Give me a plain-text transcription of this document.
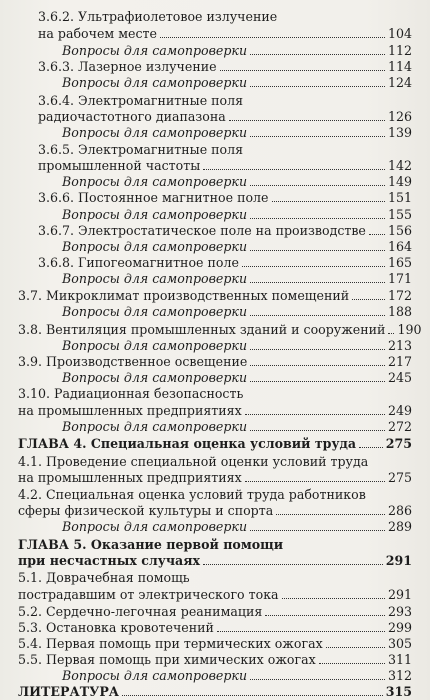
3.6.2. Ультрафиолетовое излучение
на рабочем месте	104
Вопросы для самопроверки	112
3.6.3. Лазерное излучение	114
Вопросы для самопроверки	124
3.6.4. Электромагнитные поля
радиочастотного диапазона	126
Вопросы для самопроверки	139
3.6.5. Электромагнитные поля
промышленной частоты	142
Вопросы для самопроверки	149
3.6.6. Постоянное магнитное поле	151
Вопросы для самопроверки	155
3.6.7. Электростатическое поле на производстве 156
Вопросы для самопроверки	164
3.6.8. Гипогеомагнитное поле	165
Вопросы для самопроверки	171
3.7. Микроклимат производственных помещений	172
Вопросы для самопроверки	188
3.8. Вентиляция промышленных зданий и сооружений 190
Вопросы для самопроверки	213
3.9. Производственное освещение	217
Вопросы для самопроверки	245
3.10. Радиационная безопасность
на промышленных предприятиях	249
Вопросы для самопроверки	272
ГЛАВА 4. Специальная оценка условий труда 275
4.1. Проведение специальной оценки условий труда
на промышленных предприятиях	275
4.2. Специальная оценка условий труда работников
сферы физической культуры и спорта	286
Вопросы для самопроверки	289
ГЛАВА 5. Оказание первой помощи
при несчастных случаях	291
5.1. Доврачебная помощь
пострадавшим от электрического тока	291
5.2. Сердечно-легочная реанимация	293
5.3. Остановка кровотечений	299
5.4. Первая помощь при термических ожогах	305
5.5. Первая помощь при химических ожогах	311
Вопросы для самопроверки	312
ЛИТЕРАТУРА	315
